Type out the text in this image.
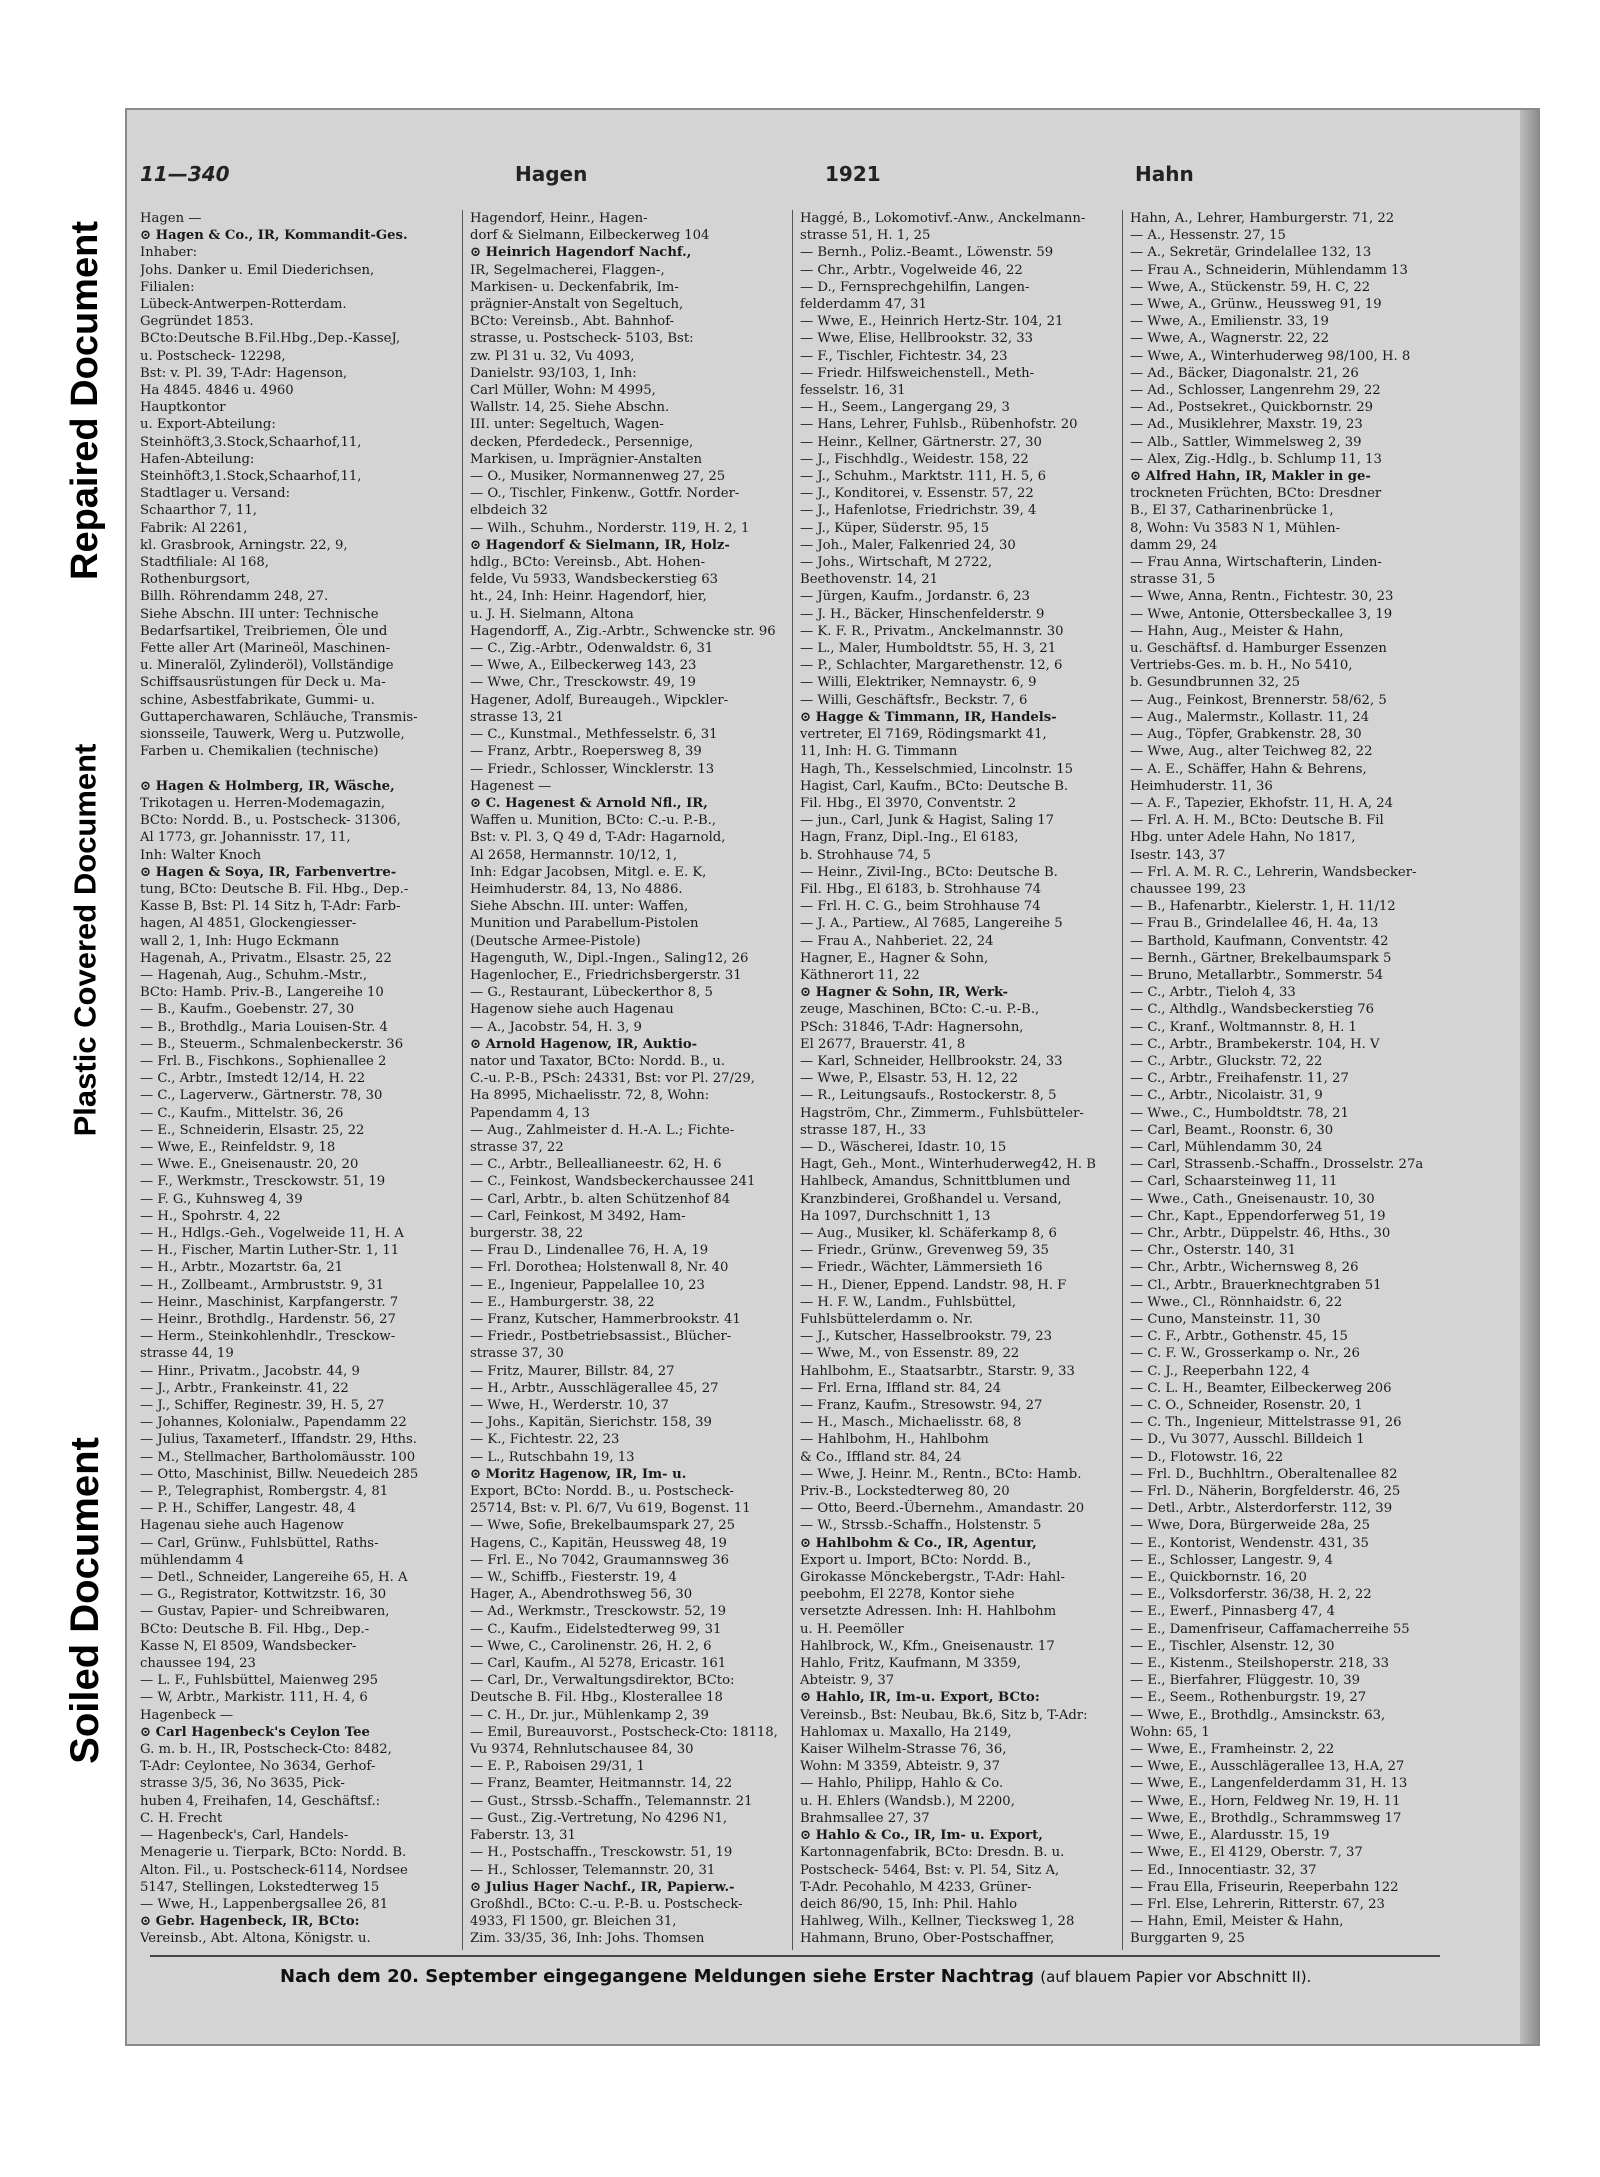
Repaired Document
Plastic Covered Document
Soiled Document
11—340	Hagen	1921	Hahn
Hagen —
⊙ Hagen & Co., IR, Kommandit-Ges.
Inhaber:
Johs. Danker u. Emil Diederichsen,
Filialen:
Lübeck-Antwerpen-Rotterdam.
Gegründet 1853.
BCto:Deutsche B.Fil.Hbg.,Dep.-KasseJ,
u. Postscheck- 12298,
Bst: v. Pl. 39, T-Adr: Hagenson,
Ha 4845. 4846 u. 4960
Hauptkontor
u. Export-Abteilung:
Steinhöft3,3.Stock,Schaarhof,11,
Hafen-Abteilung:
Steinhöft3,1.Stock,Schaarhof,11,
Stadtlager u. Versand:
Schaarthor 7, 11,
Fabrik: Al 2261,
kl. Grasbrook, Arningstr. 22, 9,
Stadtfiliale: Al 168,
Rothenburgsort,
Billh. Röhrendamm 248, 27.
Siehe Abschn. III unter: Technische
Bedarfsartikel, Treibriemen, Öle und
Fette aller Art (Marineöl, Maschinen-
u. Mineralöl, Zylinderöl), Vollständige
Schiffsausrüstungen für Deck u. Ma-
schine, Asbestfabrikate, Gummi- u.
Guttaperchawaren, Schläuche, Transmis-
sionsseile, Tauwerk, Werg u. Putzwolle,
Farben u. Chemikalien (technische)

⊙ Hagen & Holmberg, IR, Wäsche,
Trikotagen u. Herren-Modemagazin,
BCto: Nordd. B., u. Postscheck- 31306,
Al 1773, gr. Johannisstr. 17, 11,
Inh: Walter Knoch
⊙ Hagen & Soya, IR, Farbenvertre-
tung, BCto: Deutsche B. Fil. Hbg., Dep.-
Kasse B, Bst: Pl. 14 Sitz h, T-Adr: Farb-
hagen, Al 4851, Glockengiesser-
wall 2, 1, Inh: Hugo Eckmann
Hagenah, A., Privatm., Elsastr. 25, 22
— Hagenah, Aug., Schuhm.-Mstr.,
BCto: Hamb. Priv.-B., Langereihe 10
— B., Kaufm., Goebenstr. 27, 30
— B., Brothdlg., Maria Louisen-Str. 4
— B., Steuerm., Schmalenbeckerstr. 36
— Frl. B., Fischkons., Sophienallee 2
— C., Arbtr., Imstedt 12/14, H. 22
— C., Lagerverw., Gärtnerstr. 78, 30
— C., Kaufm., Mittelstr. 36, 26
— E., Schneiderin, Elsastr. 25, 22
— Wwe, E., Reinfeldstr. 9, 18
— Wwe. E., Gneisenaustr. 20, 20
— F., Werkmstr., Tresckowstr. 51, 19
— F. G., Kuhnsweg 4, 39
— H., Spohrstr. 4, 22
— H., Hdlgs.-Geh., Vogelweide 11, H. A
— H., Fischer, Martin Luther-Str. 1, 11
— H., Arbtr., Mozartstr. 6a, 21
— H., Zollbeamt., Armbruststr. 9, 31
— Heinr., Maschinist, Karpfangerstr. 7
— Heinr., Brothdlg., Hardenstr. 56, 27
— Herm., Steinkohlenhdlr., Tresckow-
strasse 44, 19
— Hinr., Privatm., Jacobstr. 44, 9
— J., Arbtr., Frankeinstr. 41, 22
— J., Schiffer, Reginestr. 39, H. 5, 27
— Johannes, Kolonialw., Papendamm 22
— Julius, Taxameterf., Iffandstr. 29, Hths.
— M., Stellmacher, Bartholomäusstr. 100
— Otto, Maschinist, Billw. Neuedeich 285
— P., Telegraphist, Rombergstr. 4, 81
— P. H., Schiffer, Langestr. 48, 4
Hagenau siehe auch Hagenow
— Carl, Grünw., Fuhlsbüttel, Raths-
mühlendamm 4
— Detl., Schneider, Langereihe 65, H. A
— G., Registrator, Kottwitzstr. 16, 30
— Gustav, Papier- und Schreibwaren,
BCto: Deutsche B. Fil. Hbg., Dep.-
Kasse N, El 8509, Wandsbecker-
chaussee 194, 23
— L. F., Fuhlsbüttel, Maienweg 295
— W, Arbtr., Markistr. 111, H. 4, 6
Hagenbeck —
⊙ Carl Hagenbeck's Ceylon Tee
G. m. b. H., IR, Postscheck-Cto: 8482,
T-Adr: Ceylontee, No 3634, Gerhof-
strasse 3/5, 36, No 3635, Pick-
huben 4, Freihafen, 14, Geschäftsf.:
C. H. Frecht
— Hagenbeck's, Carl, Handels-
Menagerie u. Tierpark, BCto: Nordd. B.
Alton. Fil., u. Postscheck-6114, Nordsee
5147, Stellingen, Lokstedterweg 15
— Wwe, H., Lappenbergsallee 26, 81
⊙ Gebr. Hagenbeck, IR, BCto:
Vereinsb., Abt. Altona, Königstr. u.
Hagendorf, Heinr., Hagen-
dorf & Sielmann, Eilbeckerweg 104
⊙ Heinrich Hagendorf Nachf.,
IR, Segelmacherei, Flaggen-,
Markisen- u. Deckenfabrik, Im-
prägnier-Anstalt von Segeltuch,
BCto: Vereinsb., Abt. Bahnhof-
strasse, u. Postscheck- 5103, Bst:
zw. Pl 31 u. 32, Vu 4093,
Danielstr. 93/103, 1, Inh:
Carl Müller, Wohn: M 4995,
Wallstr. 14, 25. Siehe Abschn.
III. unter: Segeltuch, Wagen-
decken, Pferdedeck., Persennige,
Markisen, u. Imprägnier-Anstalten
— O., Musiker, Normannenweg 27, 25
— O., Tischler, Finkenw., Gottfr. Norder-
elbdeich 32
— Wilh., Schuhm., Norderstr. 119, H. 2, 1
⊙ Hagendorf & Sielmann, IR, Holz-
hdlg., BCto: Vereinsb., Abt. Hohen-
felde, Vu 5933, Wandsbeckerstieg 63
ht., 24, Inh: Heinr. Hagendorf, hier,
u. J. H. Sielmann, Altona
Hagendorff, A., Zig.-Arbtr., Schwencke str. 96
— C., Zig.-Arbtr., Odenwaldstr. 6, 31
— Wwe, A., Eilbeckerweg 143, 23
— Wwe, Chr., Tresckowstr. 49, 19
Hagener, Adolf, Bureaugeh., Wipckler-
strasse 13, 21
— C., Kunstmal., Methfesselstr. 6, 31
— Franz, Arbtr., Roepersweg 8, 39
— Friedr., Schlosser, Wincklerstr. 13
Hagenest —
⊙ C. Hagenest & Arnold Nfl., IR,
Waffen u. Munition, BCto: C.-u. P.-B.,
Bst: v. Pl. 3, Q 49 d, T-Adr: Hagarnold,
Al 2658, Hermannstr. 10/12, 1,
Inh: Edgar Jacobsen, Mitgl. e. E. K,
Heimhuderstr. 84, 13, No 4886.
Siehe Abschn. III. unter: Waffen,
Munition und Parabellum-Pistolen
(Deutsche Armee-Pistole)
Hagenguth, W., Dipl.-Ingen., Saling12, 26
Hagenlocher, E., Friedrichsbergerstr. 31
— G., Restaurant, Lübeckerthor 8, 5
Hagenow siehe auch Hagenau
— A., Jacobstr. 54, H. 3, 9
⊙ Arnold Hagenow, IR, Auktio-
nator und Taxator, BCto: Nordd. B., u.
C.-u. P.-B., PSch: 24331, Bst: vor Pl. 27/29,
Ha 8995, Michaelisstr. 72, 8, Wohn:
Papendamm 4, 13
— Aug., Zahlmeister d. H.-A. L.; Fichte-
strasse 37, 22
— C., Arbtr., Belleallianeestr. 62, H. 6
— C., Feinkost, Wandsbeckerchaussee 241
— Carl, Arbtr., b. alten Schützenhof 84
— Carl, Feinkost, M 3492, Ham-
burgerstr. 38, 22
— Frau D., Lindenallee 76, H. A, 19
— Frl. Dorothea; Holstenwall 8, Nr. 40
— E., Ingenieur, Pappelallee 10, 23
— E., Hamburgerstr. 38, 22
— Franz, Kutscher, Hammerbrookstr. 41
— Friedr., Postbetriebsassist., Blücher-
strasse 37, 30
— Fritz, Maurer, Billstr. 84, 27
— H., Arbtr., Ausschlägerallee 45, 27
— Wwe, H., Werderstr. 10, 37
— Johs., Kapitän, Sierichstr. 158, 39
— K., Fichtestr. 22, 23
— L., Rutschbahn 19, 13
⊙ Moritz Hagenow, IR, Im- u.
Export, BCto: Nordd. B., u. Postscheck-
25714, Bst: v. Pl. 6/7, Vu 619, Bogenst. 11
— Wwe, Sofie, Brekelbaumspark 27, 25
Hagens, C., Kapitän, Heussweg 48, 19
— Frl. E., No 7042, Graumannsweg 36
— W., Schiffb., Fiesterstr. 19, 4
Hager, A., Abendrothsweg 56, 30
— Ad., Werkmstr., Tresckowstr. 52, 19
— C., Kaufm., Eidelstedterweg 99, 31
— Wwe, C., Carolinenstr. 26, H. 2, 6
— Carl, Kaufm., Al 5278, Ericastr. 161
— Carl, Dr., Verwaltungsdirektor, BCto:
Deutsche B. Fil. Hbg., Klosterallee 18
— C. H., Dr. jur., Mühlenkamp 2, 39
— Emil, Bureauvorst., Postscheck-Cto: 18118,
Vu 9374, Rehnlutschausee 84, 30
— E. P., Raboisen 29/31, 1
— Franz, Beamter, Heitmannstr. 14, 22
— Gust., Strssb.-Schaffn., Telemannstr. 21
— Gust., Zig.-Vertretung, No 4296 N1,
Faberstr. 13, 31
— H., Postschaffn., Tresckowstr. 51, 19
— H., Schlosser, Telemannstr. 20, 31
⊙ Julius Hager Nachf., IR, Papierw.-
Großhdl., BCto: C.-u. P.-B. u. Postscheck-
4933, Fl 1500, gr. Bleichen 31,
Zim. 33/35, 36, Inh: Johs. Thomsen
Haggé, B., Lokomotivf.-Anw., Anckelmann-
strasse 51, H. 1, 25
— Bernh., Poliz.-Beamt., Löwenstr. 59
— Chr., Arbtr., Vogelweide 46, 22
— D., Fernsprechgehilfin, Langen-
felderdamm 47, 31
— Wwe, E., Heinrich Hertz-Str. 104, 21
— Wwe, Elise, Hellbrookstr. 32, 33
— F., Tischler, Fichtestr. 34, 23
— Friedr. Hilfsweichenstell., Meth-
fesselstr. 16, 31
— H., Seem., Langergang 29, 3
— Hans, Lehrer, Fuhlsb., Rübenhofstr. 20
— Heinr., Kellner, Gärtnerstr. 27, 30
— J., Fischhdlg., Weidestr. 158, 22
— J., Schuhm., Marktstr. 111, H. 5, 6
— J., Konditorei, v. Essenstr. 57, 22
— J., Hafenlotse, Friedrichstr. 39, 4
— J., Küper, Süderstr. 95, 15
— Joh., Maler, Falkenried 24, 30
— Johs., Wirtschaft, M 2722,
Beethovenstr. 14, 21
— Jürgen, Kaufm., Jordanstr. 6, 23
— J. H., Bäcker, Hinschenfelderstr. 9
— K. F. R., Privatm., Anckelmannstr. 30
— L., Maler, Humboldtstr. 55, H. 3, 21
— P., Schlachter, Margarethenstr. 12, 6
— Willi, Elektriker, Nemnaystr. 6, 9
— Willi, Geschäftsfr., Beckstr. 7, 6
⊙ Hagge & Timmann, IR, Handels-
vertreter, El 7169, Rödingsmarkt 41,
11, Inh: H. G. Timmann
Hagh, Th., Kesselschmied, Lincolnstr. 15
Hagist, Carl, Kaufm., BCto: Deutsche B.
Fil. Hbg., El 3970, Conventstr. 2
— jun., Carl, Junk & Hagist, Saling 17
Hagn, Franz, Dipl.-Ing., El 6183,
b. Strohhause 74, 5
— Heinr., Zivil-Ing., BCto: Deutsche B.
Fil. Hbg., El 6183, b. Strohhause 74
— Frl. H. C. G., beim Strohhause 74
— J. A., Partiew., Al 7685, Langereihe 5
— Frau A., Nahberiet. 22, 24
Hagner, E., Hagner & Sohn,
Käthnerort 11, 22
⊙ Hagner & Sohn, IR, Werk-
zeuge, Maschinen, BCto: C.-u. P.-B.,
PSch: 31846, T-Adr: Hagnersohn,
El 2677, Brauerstr. 41, 8
— Karl, Schneider, Hellbrookstr. 24, 33
— Wwe, P., Elsastr. 53, H. 12, 22
— R., Leitungsaufs., Rostockerstr. 8, 5
Hagström, Chr., Zimmerm., Fuhlsbütteler-
strasse 187, H., 33
— D., Wäscherei, Idastr. 10, 15
Hagt, Geh., Mont., Winterhuderweg42, H. B
Hahlbeck, Amandus, Schnittblumen und
Kranzbinderei, Großhandel u. Versand,
Ha 1097, Durchschnitt 1, 13
— Aug., Musiker, kl. Schäferkamp 8, 6
— Friedr., Grünw., Grevenweg 59, 35
— Friedr., Wächter, Lämmersieth 16
— H., Diener, Eppend. Landstr. 98, H. F
— H. F. W., Landm., Fuhlsbüttel,
Fuhlsbüttelerdamm o. Nr.
— J., Kutscher, Hasselbrookstr. 79, 23
— Wwe, M., von Essenstr. 89, 22
Hahlbohm, E., Staatsarbtr., Starstr. 9, 33
— Frl. Erna, Iffland str. 84, 24
— Franz, Kaufm., Stresowstr. 94, 27
— H., Masch., Michaelisstr. 68, 8
— Hahlbohm, H., Hahlbohm
& Co., Iffland str. 84, 24
— Wwe, J. Heinr. M., Rentn., BCto: Hamb.
Priv.-B., Lockstedterweg 80, 20
— Otto, Beerd.-Übernehm., Amandastr. 20
— W., Strssb.-Schaffn., Holstenstr. 5
⊙ Hahlbohm & Co., IR, Agentur,
Export u. Import, BCto: Nordd. B.,
Girokasse Mönckebergstr., T-Adr: Hahl-
peebohm, El 2278, Kontor siehe
versetzte Adressen. Inh: H. Hahlbohm
u. H. Peemöller
Hahlbrock, W., Kfm., Gneisenaustr. 17
Hahlo, Fritz, Kaufmann, M 3359,
Abteistr. 9, 37
⊙ Hahlo, IR, Im-u. Export, BCto:
Vereinsb., Bst: Neubau, Bk.6, Sitz b, T-Adr:
Hahlomax u. Maxallo, Ha 2149,
Kaiser Wilhelm-Strasse 76, 36,
Wohn: M 3359, Abteistr. 9, 37
— Hahlo, Philipp, Hahlo & Co.
u. H. Ehlers (Wandsb.), M 2200,
Brahmsallee 27, 37
⊙ Hahlo & Co., IR, Im- u. Export,
Kartonnagenfabrik, BCto: Dresdn. B. u.
Postscheck- 5464, Bst: v. Pl. 54, Sitz A,
T-Adr. Pecohahlo, M 4233, Grüner-
deich 86/90, 15, Inh: Phil. Hahlo
Hahlweg, Wilh., Kellner, Tiecksweg 1, 28
Hahmann, Bruno, Ober-Postschaffner,
Hahn, A., Lehrer, Hamburgerstr. 71, 22
— A., Hessenstr. 27, 15
— A., Sekretär, Grindelallee 132, 13
— Frau A., Schneiderin, Mühlendamm 13
— Wwe, A., Stückenstr. 59, H. C, 22
— Wwe, A., Grünw., Heussweg 91, 19
— Wwe, A., Emilienstr. 33, 19
— Wwe, A., Wagnerstr. 22, 22
— Wwe, A., Winterhuderweg 98/100, H. 8
— Ad., Bäcker, Diagonalstr. 21, 26
— Ad., Schlosser, Langenrehm 29, 22
— Ad., Postsekret., Quickbornstr. 29
— Ad., Musiklehrer, Maxstr. 19, 23
— Alb., Sattler, Wimmelsweg 2, 39
— Alex, Zig.-Hdlg., b. Schlump 11, 13
⊙ Alfred Hahn, IR, Makler in ge-
trockneten Früchten, BCto: Dresdner
B., El 37, Catharinenbrücke 1,
8, Wohn: Vu 3583 N 1, Mühlen-
damm 29, 24
— Frau Anna, Wirtschafterin, Linden-
strasse 31, 5
— Wwe, Anna, Rentn., Fichtestr. 30, 23
— Wwe, Antonie, Ottersbeckallee 3, 19
— Hahn, Aug., Meister & Hahn,
u. Geschäftsf. d. Hamburger Essenzen
Vertriebs-Ges. m. b. H., No 5410,
b. Gesundbrunnen 32, 25
— Aug., Feinkost, Brennerstr. 58/62, 5
— Aug., Malermstr., Kollastr. 11, 24
— Aug., Töpfer, Grabkenstr. 28, 30
— Wwe, Aug., alter Teichweg 82, 22
— A. E., Schäffer, Hahn & Behrens,
Heimhuderstr. 11, 36
— A. F., Tapezier, Ekhofstr. 11, H. A, 24
— Frl. A. H. M., BCto: Deutsche B. Fil
Hbg. unter Adele Hahn, No 1817,
Isestr. 143, 37
— Frl. A. M. R. C., Lehrerin, Wandsbecker-
chaussee 199, 23
— B., Hafenarbtr., Kielerstr. 1, H. 11/12
— Frau B., Grindelallee 46, H. 4a, 13
— Barthold, Kaufmann, Conventstr. 42
— Bernh., Gärtner, Brekelbaumspark 5
— Bruno, Metallarbtr., Sommerstr. 54
— C., Arbtr., Tieloh 4, 33
— C., Althdlg., Wandsbeckerstieg 76
— C., Kranf., Woltmannstr. 8, H. 1
— C., Arbtr., Brambekerstr. 104, H. V
— C., Arbtr., Gluckstr. 72, 22
— C., Arbtr., Freihafenstr. 11, 27
— C., Arbtr., Nicolaistr. 31, 9
— Wwe., C., Humboldtstr. 78, 21
— Carl, Beamt., Roonstr. 6, 30
— Carl, Mühlendamm 30, 24
— Carl, Strassenb.-Schaffn., Drosselstr. 27a
— Carl, Schaarsteinweg 11, 11
— Wwe., Cath., Gneisenaustr. 10, 30
— Chr., Kapt., Eppendorferweg 51, 19
— Chr., Arbtr., Düppelstr. 46, Hths., 30
— Chr., Osterstr. 140, 31
— Chr., Arbtr., Wichernsweg 8, 26
— Cl., Arbtr., Brauerknechtgraben 51
— Wwe., Cl., Rönnhaidstr. 6, 22
— Cuno, Mansteinstr. 11, 30
— C. F., Arbtr., Gothenstr. 45, 15
— C. F. W., Grosserkamp o. Nr., 26
— C. J., Reeperbahn 122, 4
— C. L. H., Beamter, Eilbeckerweg 206
— C. O., Schneider, Rosenstr. 20, 1
— C. Th., Ingenieur, Mittelstrasse 91, 26
— D., Vu 3077, Ausschl. Billdeich 1
— D., Flotowstr. 16, 22
— Frl. D., Buchhltrn., Oberaltenallee 82
— Frl. D., Näherin, Borgfelderstr. 46, 25
— Detl., Arbtr., Alsterdorferstr. 112, 39
— Wwe, Dora, Bürgerweide 28a, 25
— E., Kontorist, Wendenstr. 431, 35
— E., Schlosser, Langestr. 9, 4
— E., Quickbornstr. 16, 20
— E., Volksdorferstr. 36/38, H. 2, 22
— E., Ewerf., Pinnasberg 47, 4
— E., Damenfriseur, Caffamacherreihe 55
— E., Tischler, Alsenstr. 12, 30
— E., Kistenm., Steilshoperstr. 218, 33
— E., Bierfahrer, Flüggestr. 10, 39
— E., Seem., Rothenburgstr. 19, 27
— Wwe, E., Brothdlg., Amsinckstr. 63,
Wohn: 65, 1
— Wwe, E., Framheinstr. 2, 22
— Wwe, E., Ausschlägerallee 13, H.A, 27
— Wwe, E., Langenfelderdamm 31, H. 13
— Wwe, E., Horn, Feldweg Nr. 19, H. 11
— Wwe, E., Brothdlg., Schrammsweg 17
— Wwe, E., Alardusstr. 15, 19
— Wwe, E., El 4129, Oberstr. 7, 37
— Ed., Innocentiastr. 32, 37
— Frau Ella, Friseurin, Reeperbahn 122
— Frl. Else, Lehrerin, Ritterstr. 67, 23
— Hahn, Emil, Meister & Hahn,
Burggarten 9, 25
Nach dem 20. September eingegangene Meldungen siehe Erster Nachtrag (auf blauem Papier vor Abschnitt II).
